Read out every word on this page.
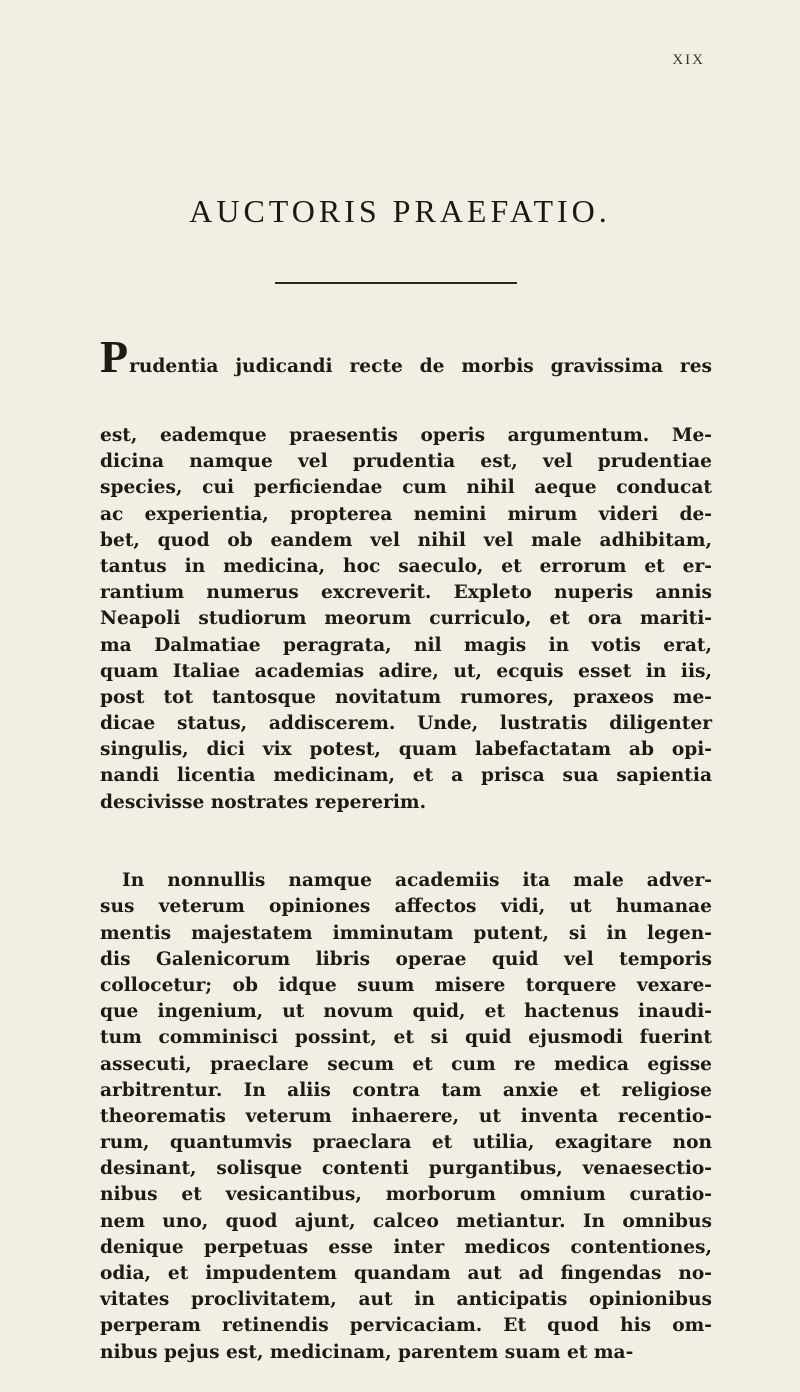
XIX
AUCTORIS PRAEFATIO.

Prudentia judicandi recte de morbis gravissima res

est, eademque praesentis operis argumentum. Me-
dicina namque vel prudentia est, vel prudentiae
species, cui perficiendae cum nihil aeque conducat
ac experientia, propterea nemini mirum videri de-
bet, quod ob eandem vel nihil vel male adhibitam,
tantus in medicina, hoc saeculo, et errorum et er-
rantium numerus excreverit. Expleto nuperis annis
Neapoli studiorum meorum curriculo, et ora mariti-
ma Dalmatiae peragrata, nil magis in votis erat,
quam Italiae academias adire, ut, ecquis esset in iis,
post tot tantosque novitatum rumores, praxeos me-
dicae status, addiscerem. Unde, lustratis diligenter
singulis, dici vix potest, quam labefactatam ab opi-
nandi licentia medicinam, et a prisca sua sapientia
descivisse nostrates repererim.

In nonnullis namque academiis ita male adver-
sus veterum opiniones affectos vidi, ut humanae
mentis majestatem imminutam putent, si in legen-
dis Galenicorum libris operae quid vel temporis
collocetur; ob idque suum misere torquere vexare-
que ingenium, ut novum quid, et hactenus inaudi-
tum comminisci possint, et si quid ejusmodi fuerint
assecuti, praeclare secum et cum re medica egisse
arbitrentur. In aliis contra tam anxie et religiose
theorematis veterum inhaerere, ut inventa recentio-
rum, quantumvis praeclara et utilia, exagitare non
desinant, solisque contenti purgantibus, venaesectio-
nibus et vesicantibus, morborum omnium curatio-
nem uno, quod ajunt, calceo metiantur. In omnibus
denique perpetuas esse inter medicos contentiones,
odia, et impudentem quandam aut ad fingendas no-
vitates proclivitatem, aut in anticipatis opinionibus
perperam retinendis pervicaciam. Et quod his om-
nibus pejus est, medicinam, parentem suam et ma-
